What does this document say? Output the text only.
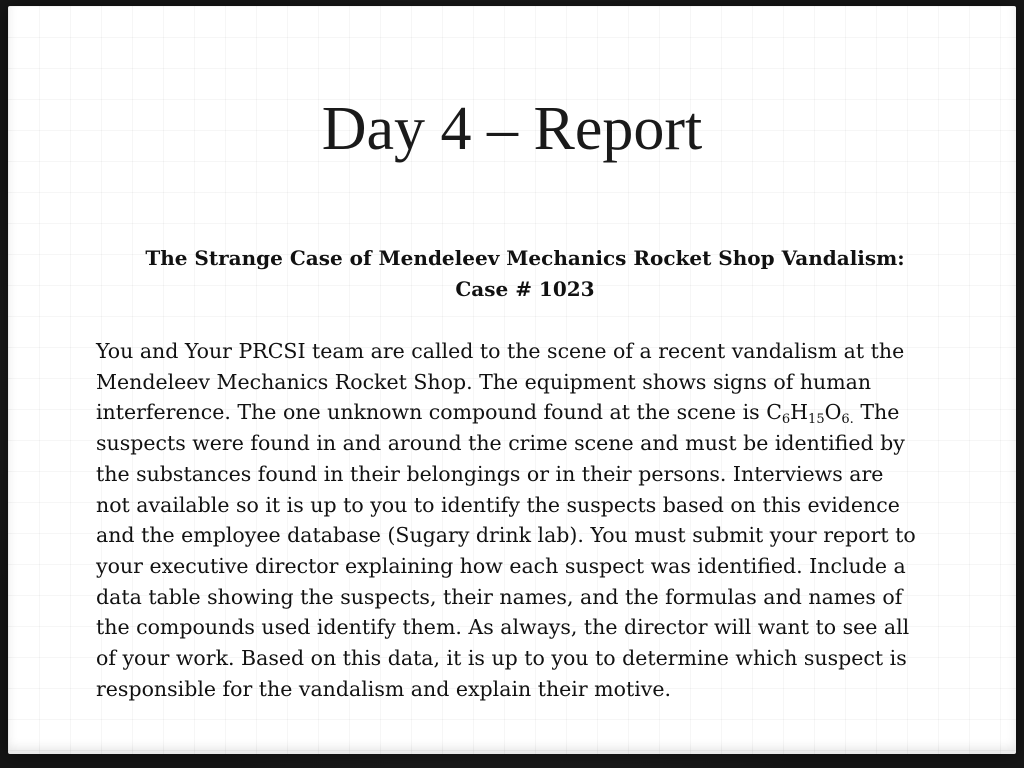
Day 4 – Report
The Strange Case of Mendeleev Mechanics Rocket Shop Vandalism:
Case # 1023
You and Your PRCSI team are called to the scene of a recent vandalism at the
Mendeleev Mechanics Rocket Shop. The equipment shows signs of human
interference. The one unknown compound found at the scene is $C_6H_{15}O_{6.}$ The
suspects were found in and around the crime scene and must be identified by
the substances found in their belongings or in their persons. Interviews are
not available so it is up to you to identify the suspects based on this evidence
and the employee database (Sugary drink lab). You must submit your report to
your executive director explaining how each suspect was identified. Include a
data table showing the suspects, their names, and the formulas and names of
the compounds used identify them. As always, the director will want to see all
of your work. Based on this data, it is up to you to determine which suspect is
responsible for the vandalism and explain their motive.
